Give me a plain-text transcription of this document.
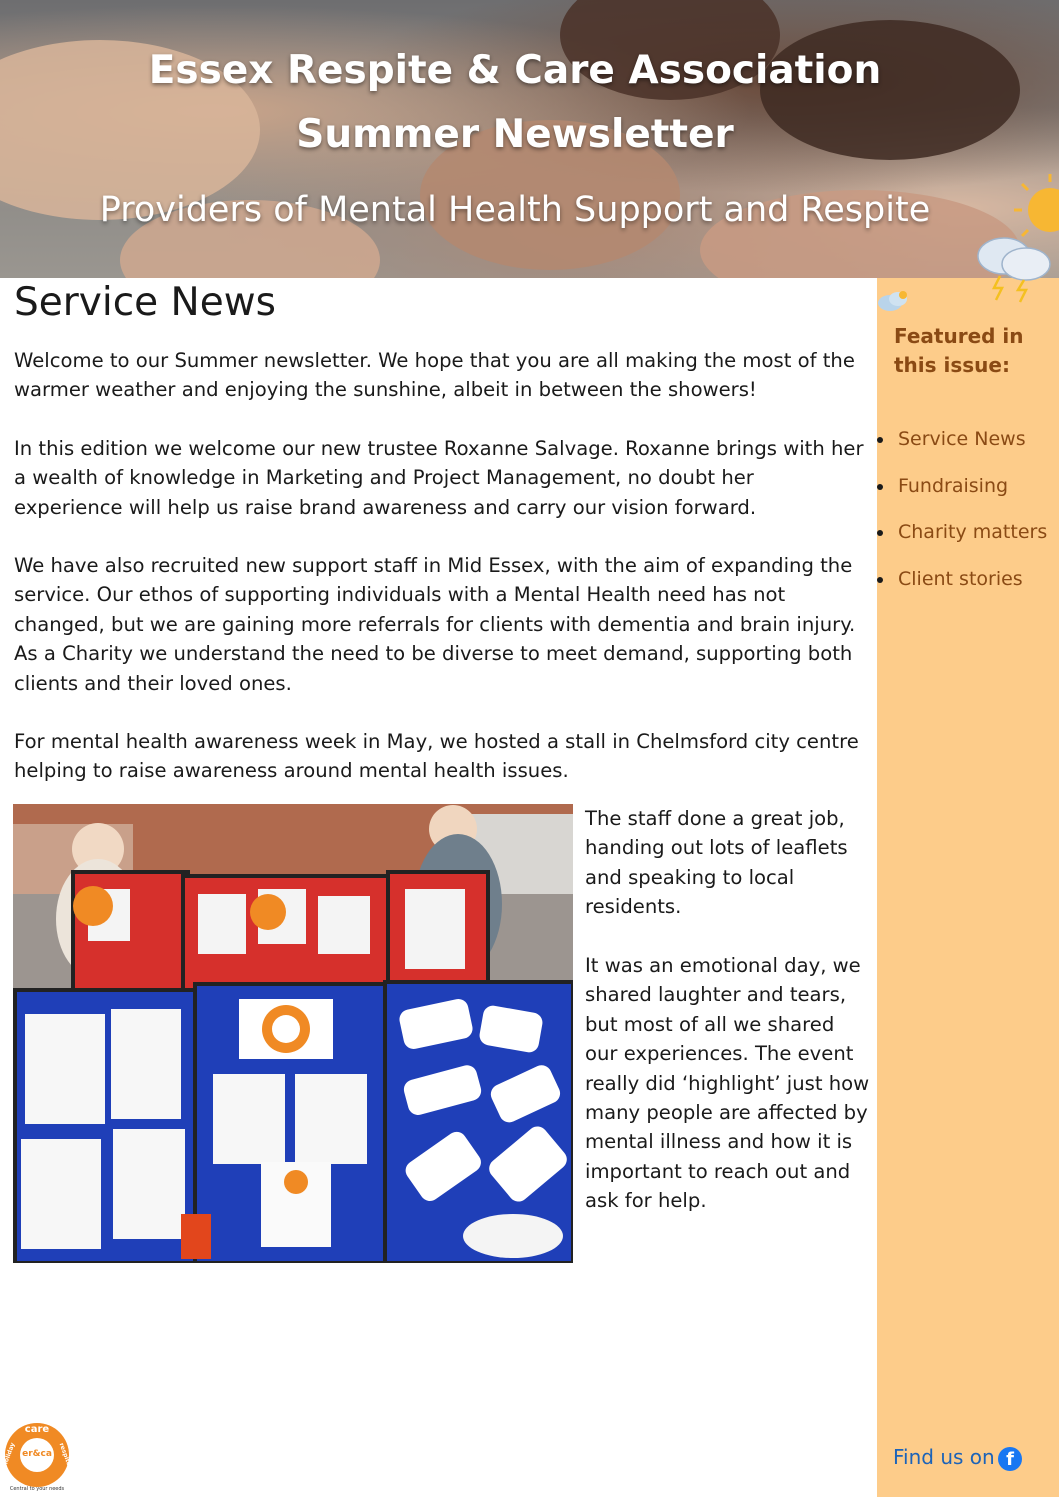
Essex Respite & Care Association
Summer Newsletter
Providers of Mental Health Support and Respite
Featured in this issue:
Service News
Fundraising
Charity matters
Client stories
Find us on f
Service News

Welcome to our Summer newsletter. We hope that you are all making the most of the warmer weather and enjoying the sunshine, albeit in between the showers!

In this edition we welcome our new trustee Roxanne Salvage. Roxanne brings with her a wealth of knowledge in Marketing and Project Management, no doubt her experience will help us raise brand awareness and carry our vision forward.

We have also recruited new support staff in Mid Essex, with the aim of expanding the service. Our ethos of supporting individuals with a Mental Health need has not changed, but we are gaining more referrals for clients with dementia and brain injury. As a Charity we understand the need to be diverse to meet demand, supporting both clients and their loved ones.

For mental health awareness week in May, we hosted a stall in Chelmsford city centre helping to raise awareness around mental health issues.

The staff done a great job, handing out lots of leaflets and speaking to local residents.

It was an emotional day, we shared laughter and tears, but most of all we shared our experiences. The event really did ‘highlight’ just how many people are affected by mental illness and how it is important to reach out and ask for help.

care
er&ca
holiday	respite
Central to your needs
